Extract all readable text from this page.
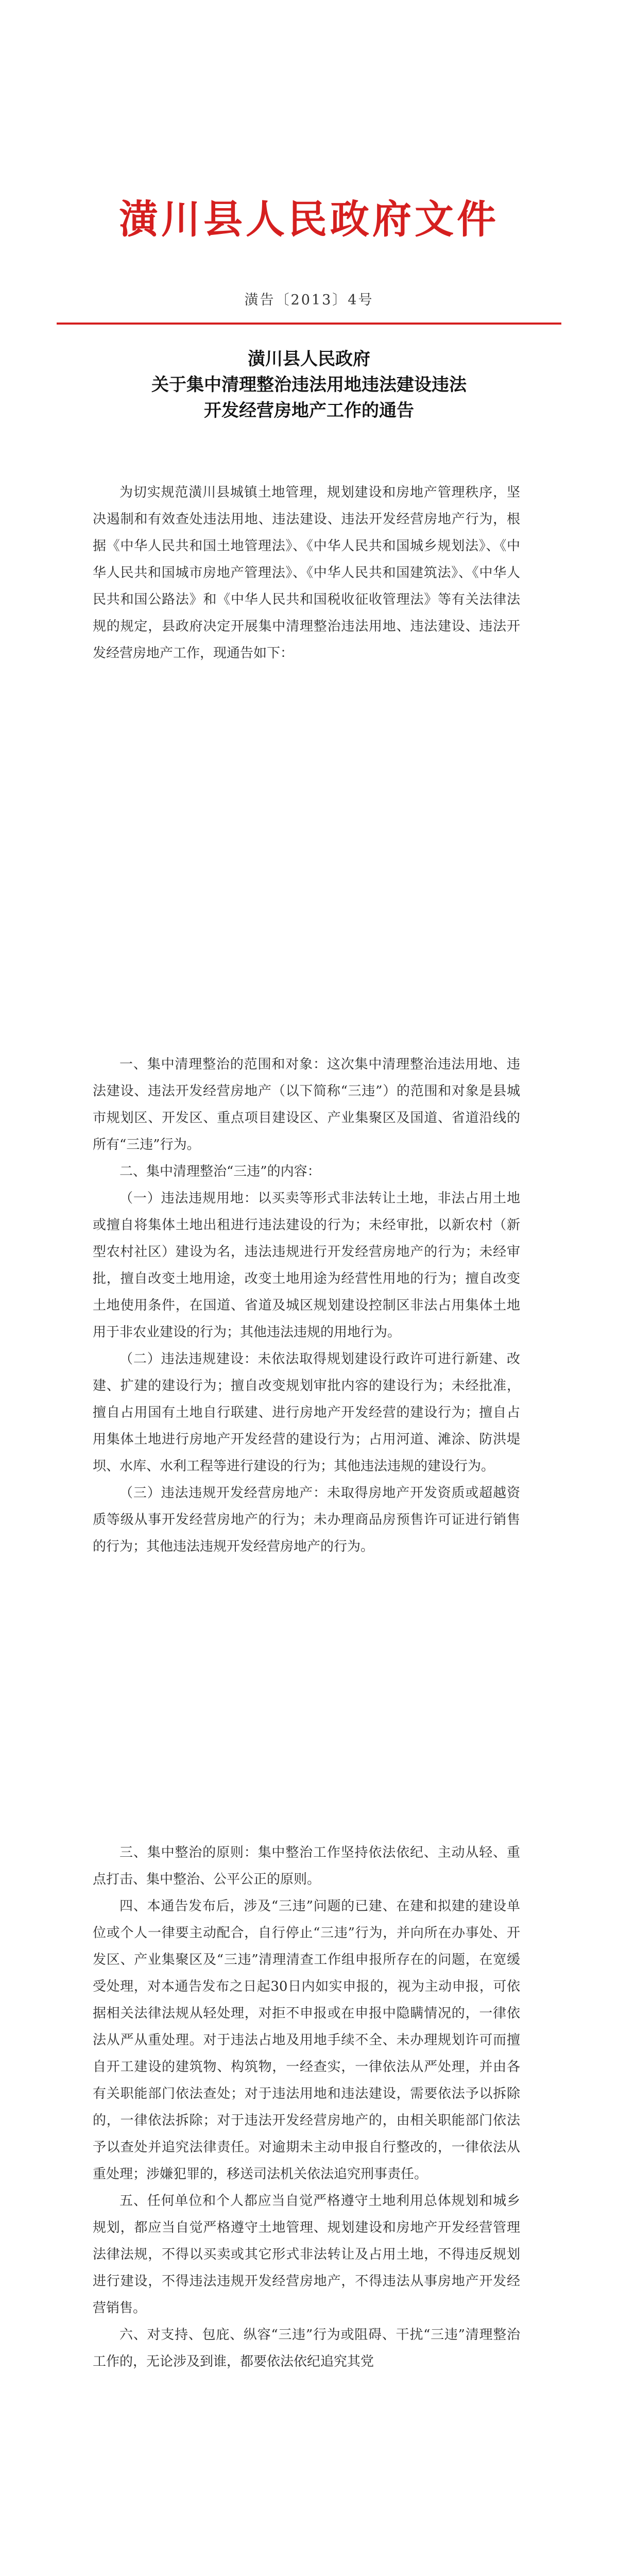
潢川县人民政府文件
潢告〔2013〕4号
潢川县人民政府
关于集中清理整治违法用地违法建设违法
开发经营房地产工作的通告

为切实规范潢川县城镇土地管理，规划建设和房地产管理秩序，坚决遏制和有效查处违法用地、违法建设、违法开发经营房地产行为，根据《中华人民共和国土地管理法》、《中华人民共和国城乡规划法》、《中华人民共和国城市房地产管理法》、《中华人民共和国建筑法》、《中华人民共和国公路法》和《中华人民共和国税收征收管理法》等有关法律法规的规定，县政府决定开展集中清理整治违法用地、违法建设、违法开发经营房地产工作，现通告如下：

一、集中清理整治的范围和对象：这次集中清理整治违法用地、违法建设、违法开发经营房地产（以下简称“三违”）的范围和对象是县城市规划区、开发区、重点项目建设区、产业集聚区及国道、省道沿线的所有“三违”行为。

二、集中清理整治“三违”的内容：

（一）违法违规用地：以买卖等形式非法转让土地，非法占用土地或擅自将集体土地出租进行违法建设的行为；未经审批，以新农村（新型农村社区）建设为名，违法违规进行开发经营房地产的行为；未经审批，擅自改变土地用途，改变土地用途为经营性用地的行为；擅自改变土地使用条件，在国道、省道及城区规划建设控制区非法占用集体土地用于非农业建设的行为；其他违法违规的用地行为。

（二）违法违规建设：未依法取得规划建设行政许可进行新建、改建、扩建的建设行为；擅自改变规划审批内容的建设行为；未经批准，擅自占用国有土地自行联建、进行房地产开发经营的建设行为；擅自占用集体土地进行房地产开发经营的建设行为；占用河道、滩涂、防洪堤坝、水库、水利工程等进行建设的行为；其他违法违规的建设行为。

（三）违法违规开发经营房地产：未取得房地产开发资质或超越资质等级从事开发经营房地产的行为；未办理商品房预售许可证进行销售的行为；其他违法违规开发经营房地产的行为。

三、集中整治的原则：集中整治工作坚持依法依纪、主动从轻、重点打击、集中整治、公平公正的原则。

四、本通告发布后，涉及“三违”问题的已建、在建和拟建的建设单位或个人一律要主动配合，自行停止“三违”行为，并向所在办事处、开发区、产业集聚区及“三违”清理清查工作组申报所存在的问题，在宽缓受处理，对本通告发布之日起30日内如实申报的，视为主动申报，可依据相关法律法规从轻处理，对拒不申报或在申报中隐瞒情况的，一律依法从严从重处理。对于违法占地及用地手续不全、未办理规划许可而擅自开工建设的建筑物、构筑物，一经查实，一律依法从严处理，并由各有关职能部门依法查处；对于违法用地和违法建设，需要依法予以拆除的，一律依法拆除；对于违法开发经营房地产的，由相关职能部门依法予以查处并追究法律责任。对逾期未主动申报自行整改的，一律依法从重处理；涉嫌犯罪的，移送司法机关依法追究刑事责任。

五、任何单位和个人都应当自觉严格遵守土地利用总体规划和城乡规划，都应当自觉严格遵守土地管理、规划建设和房地产开发经营管理法律法规，不得以买卖或其它形式非法转让及占用土地，不得违反规划进行建设，不得违法违规开发经营房地产，不得违法从事房地产开发经营销售。

六、对支持、包庇、纵容“三违”行为或阻碍、干扰“三违”清理整治工作的，无论涉及到谁，都要依法依纪追究其党
